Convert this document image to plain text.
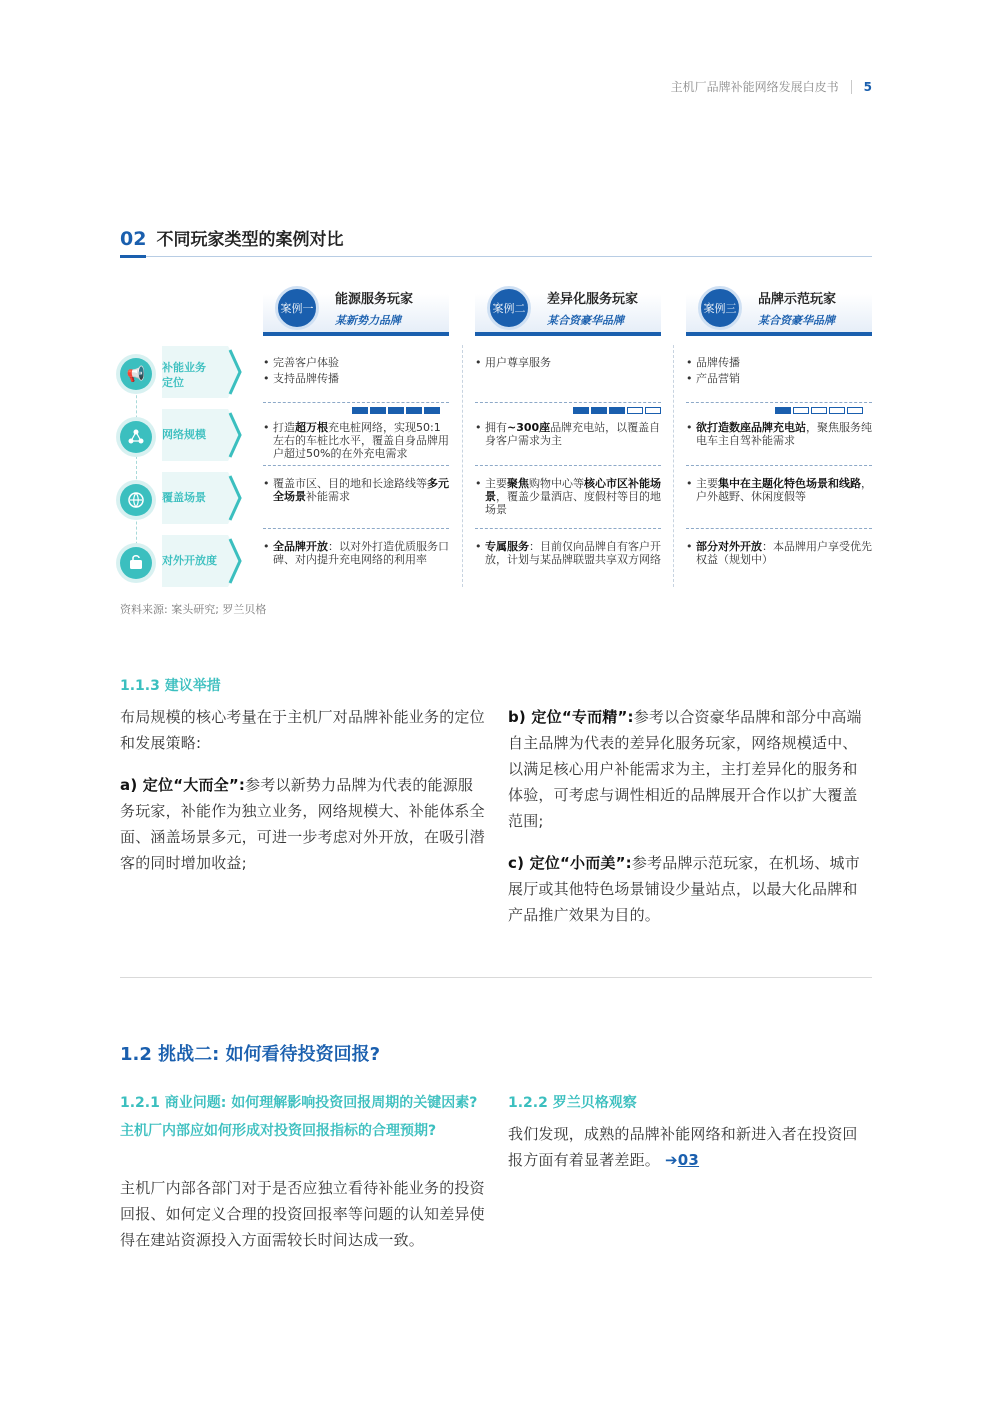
主机厂品牌补能网络发展白皮书 5
02 不同玩家类型的案例对比
案例一
能源服务玩家
某新势力品牌
案例二
差异化服务玩家
某合资豪华品牌
案例三
品牌示范玩家
某合资豪华品牌
📢	补能业务
定位
网络规模
覆盖场景
对外开放度
• 完善客户体验
• 支持品牌传播
• 用户尊享服务
•	品牌传播
• 产品营销
• 打造超万根充电桩网络，实现50:1左右的车桩比水平，覆盖自身品牌用户超过50%的在外充电需求
• 拥有~300座品牌充电站，以覆盖自身客户需求为主
• 欲打造数座品牌充电站，聚焦服务纯电车主自驾补能需求
• 覆盖市区、目的地和长途路线等多元全场景补能需求
• 主要聚焦购物中心等核心市区补能场景，覆盖少量酒店、度假村等目的地场景
• 主要集中在主题化特色场景和线路，户外越野、休闲度假等
• 全品牌开放：以对外打造优质服务口碑、对内提升充电网络的利用率
• 专属服务：目前仅向品牌自有客户开放，计划与某品牌联盟共享双方网络
• 部分对外开放：本品牌用户享受优先权益（规划中）
资料来源: 案头研究; 罗兰贝格
1.1.3 建议举措
布局规模的核心考量在于主机厂对品牌补能业务的定位和发展策略:
a) 定位“大而全”:参考以新势力品牌为代表的能源服务玩家，补能作为独立业务，网络规模大、补能体系全面、涵盖场景多元，可进一步考虑对外开放，在吸引潜客的同时增加收益;
b) 定位“专而精”:参考以合资豪华品牌和部分中高端自主品牌为代表的差异化服务玩家，网络规模适中、以满足核心用户补能需求为主，主打差异化的服务和体验，可考虑与调性相近的品牌展开合作以扩大覆盖范围;
c) 定位“小而美”:参考品牌示范玩家，在机场、城市展厅或其他特色场景铺设少量站点，以最大化品牌和产品推广效果为目的。
1.2 挑战二: 如何看待投资回报?
1.2.1 商业问题: 如何理解影响投资回报周期的关键因素? 主机厂内部应如何形成对投资回报指标的合理预期?
主机厂内部各部门对于是否应独立看待补能业务的投资回报、如何定义合理的投资回报率等问题的认知差异使得在建站资源投入方面需较长时间达成一致。
1.2.2 罗兰贝格观察
我们发现，成熟的品牌补能网络和新进入者在投资回报方面有着显著差距。 ➔03
